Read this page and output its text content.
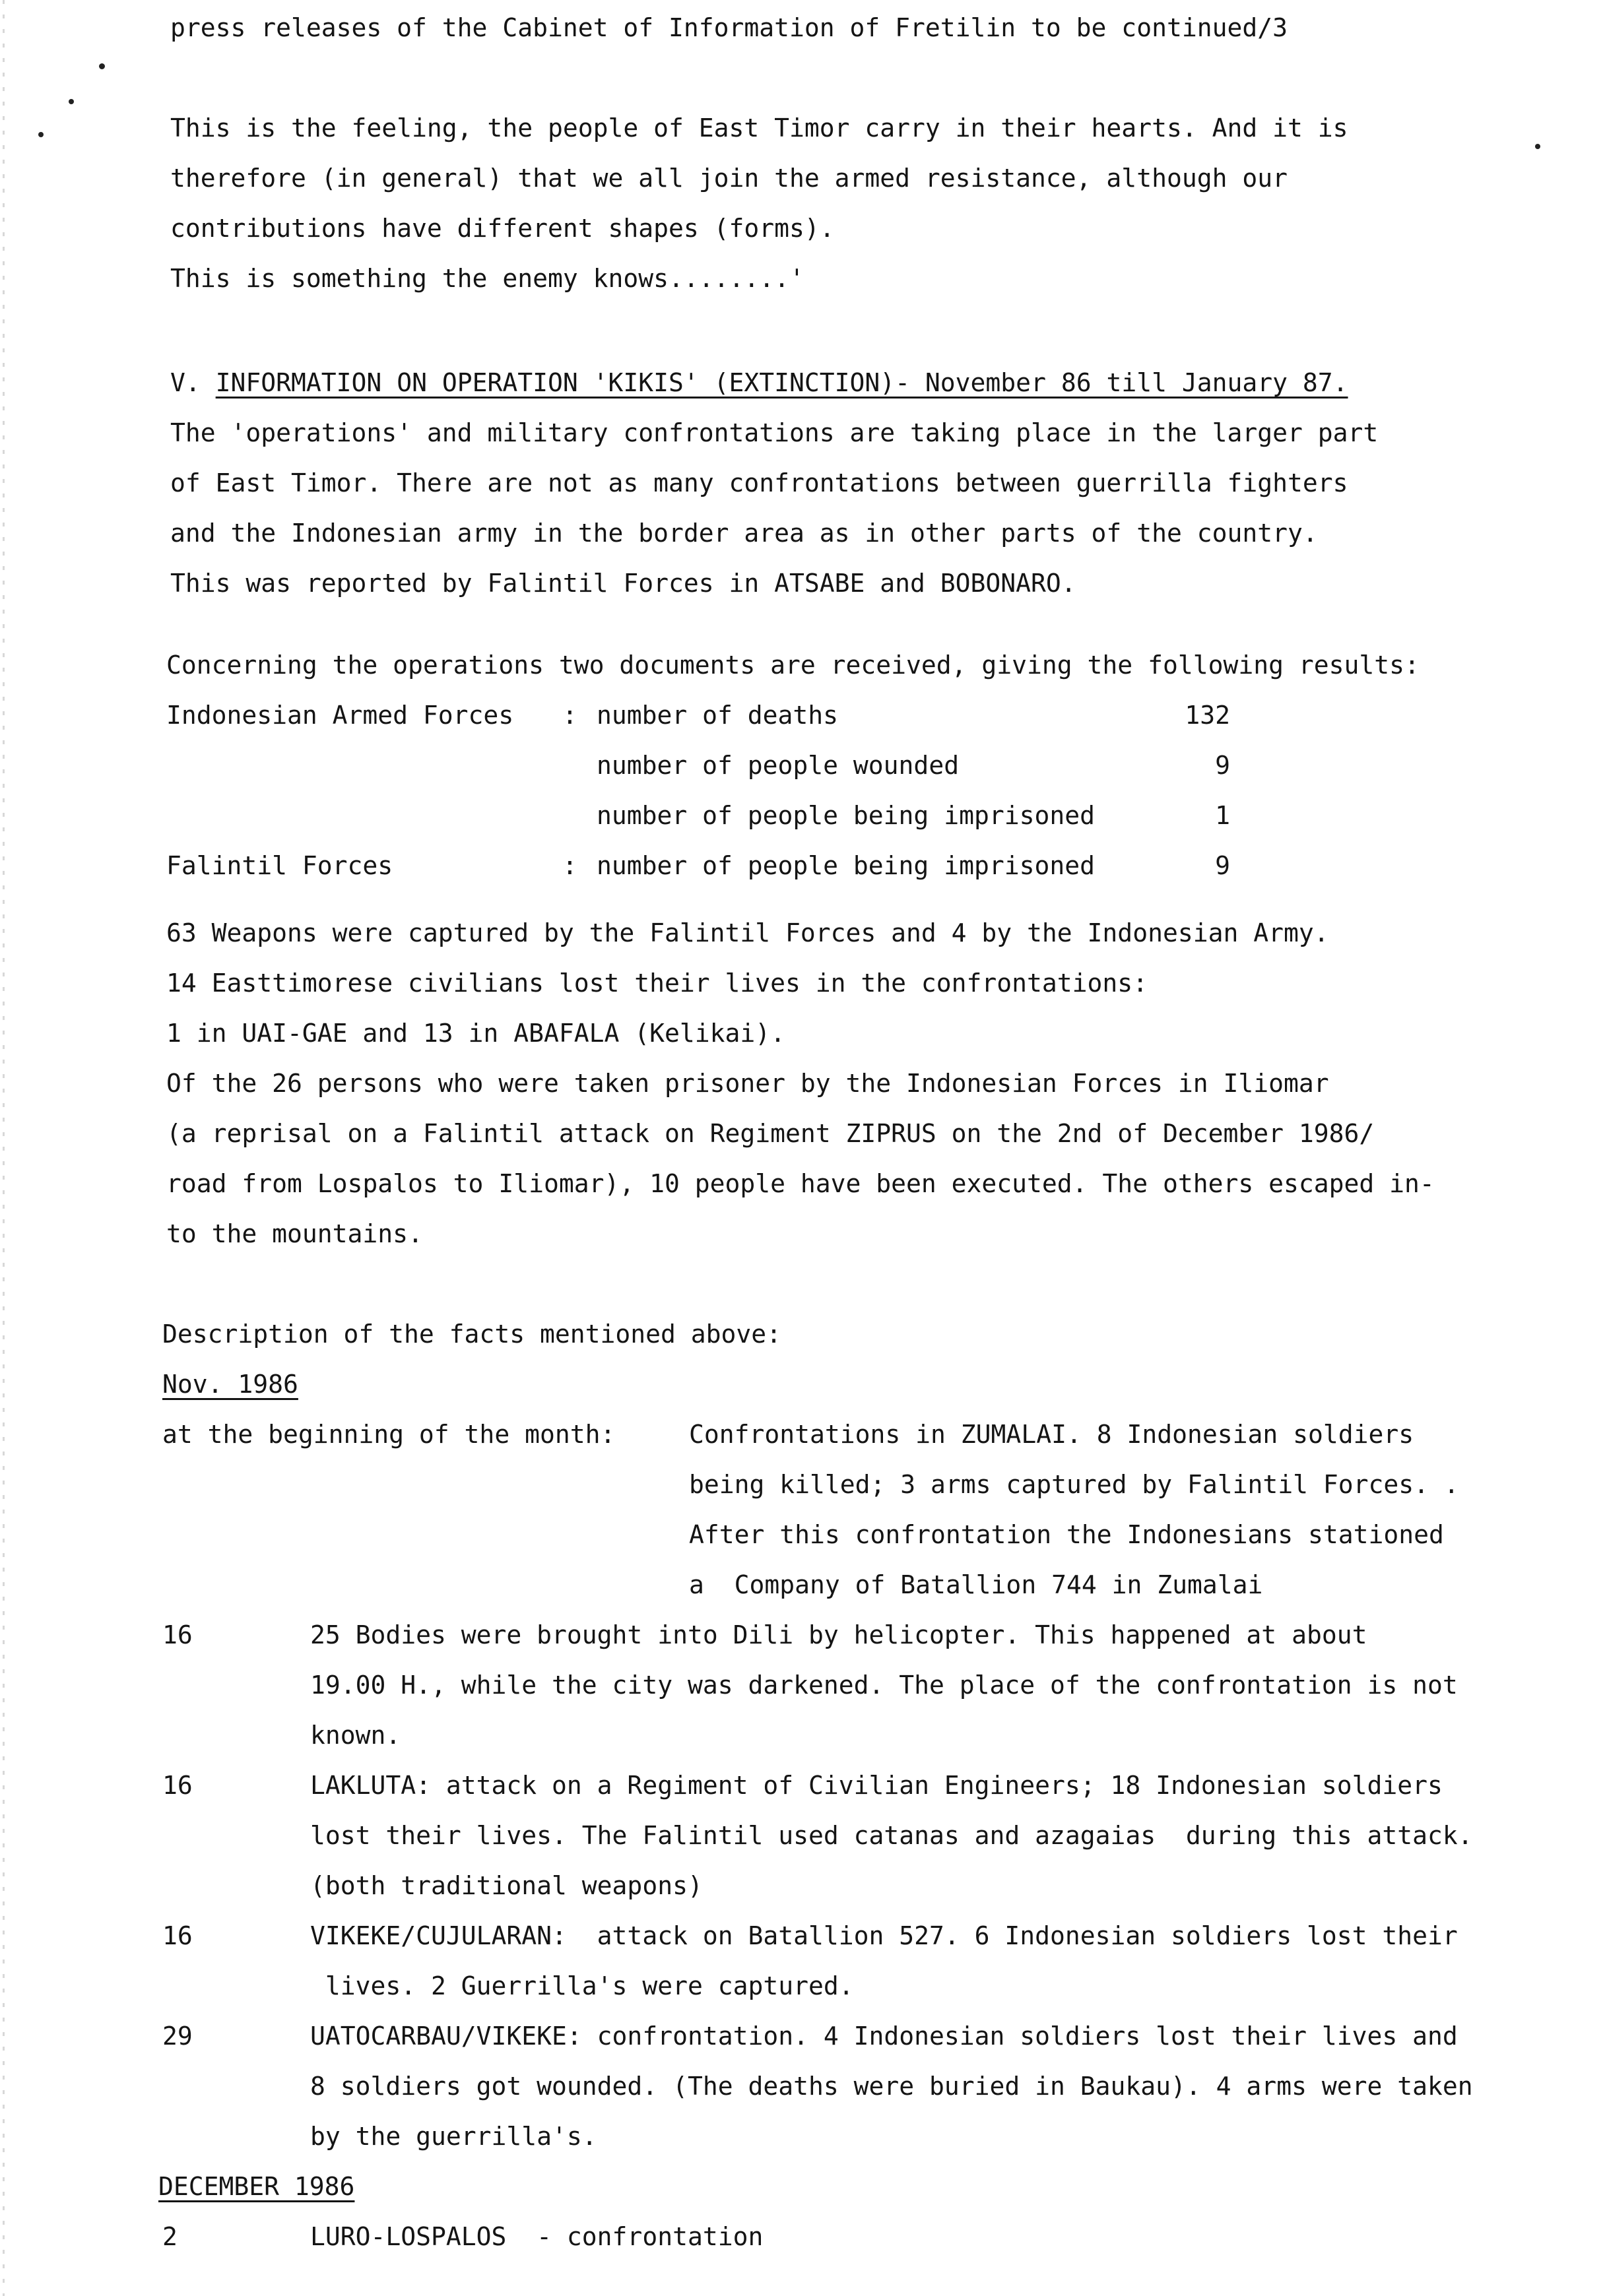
press releases of the Cabinet of Information of Fretilin to be continued/3
This is the feeling, the people of East Timor carry in their hearts. And it is
therefore (in general) that we all join the armed resistance, although our
contributions have different shapes (forms).
This is something the enemy knows........'
V. INFORMATION ON OPERATION 'KIKIS' (EXTINCTION)- November 86 till January 87.
The 'operations' and military confrontations are taking place in the larger part
of East Timor. There are not as many confrontations between guerrilla fighters
and the Indonesian army in the border area as in other parts of the country.
This was reported by Falintil Forces in ATSABE and BOBONARO.
Concerning the operations two documents are received, giving the following results:
Indonesian Armed Forces : number of deaths	132
number of people wounded	9
number of people being imprisoned	1
Falintil Forces	: number of people being imprisoned	9
63 Weapons were captured by the Falintil Forces and 4 by the Indonesian Army.
14 Easttimorese civilians lost their lives in the confrontations:
1 in UAI-GAE and 13 in ABAFALA (Kelikai).
Of the 26 persons who were taken prisoner by the Indonesian Forces in Iliomar
(a reprisal on a Falintil attack on Regiment ZIPRUS on the 2nd of December 1986/
road from Lospalos to Iliomar), 10 people have been executed. The others escaped in-
to the mountains.
Description of the facts mentioned above:
Nov. 1986
at the beginning of the month:	Confrontations in ZUMALAI. 8 Indonesian soldiers
being killed; 3 arms captured by Falintil Forces. .
After this confrontation the Indonesians stationed
a  Company of Batallion 744 in Zumalai
16	25 Bodies were brought into Dili by helicopter. This happened at about
19.00 H., while the city was darkened. The place of the confrontation is not
known.
16	LAKLUTA: attack on a Regiment of Civilian Engineers; 18 Indonesian soldiers
lost their lives. The Falintil used catanas and azagaias  during this attack.
(both traditional weapons)
16	VIKEKE/CUJULARAN:  attack on Batallion 527. 6 Indonesian soldiers lost their
lives. 2 Guerrilla's were captured.
29	UATOCARBAU/VIKEKE: confrontation. 4 Indonesian soldiers lost their lives and
8 soldiers got wounded. (The deaths were buried in Baukau). 4 arms were taken
by the guerrilla's.
DECEMBER 1986
2	LURO-LOSPALOS  - confrontation
